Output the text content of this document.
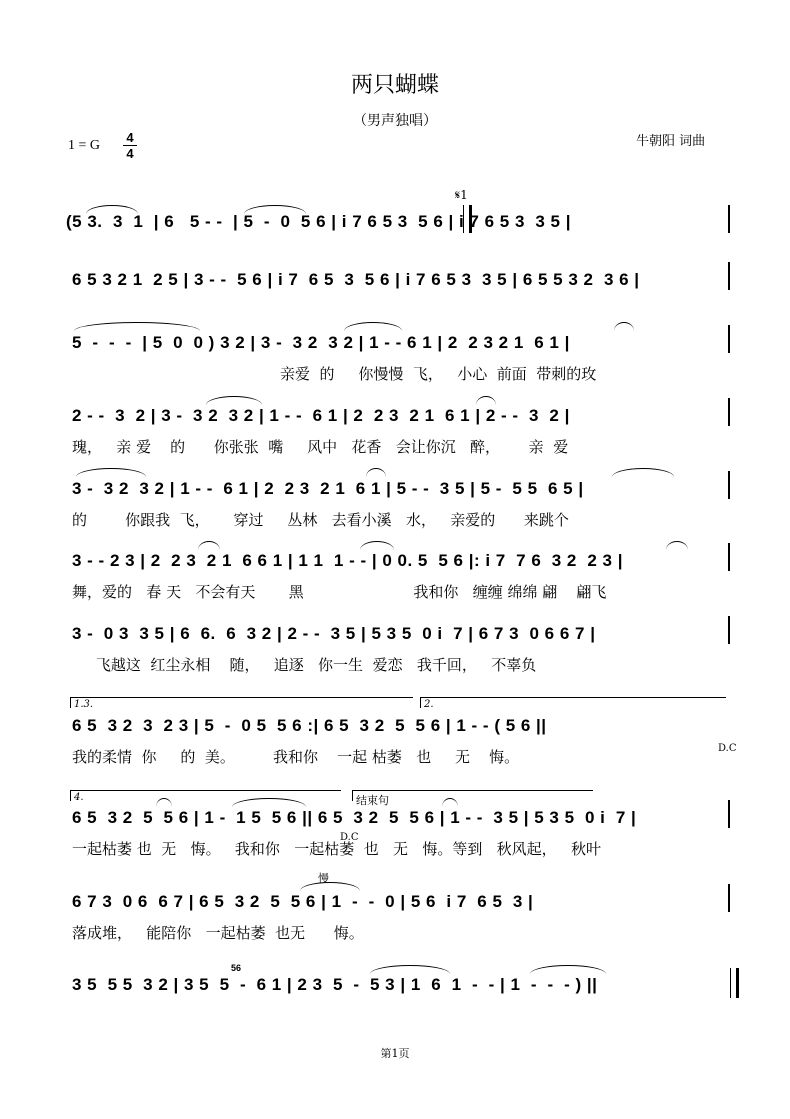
两只蝴蝶
（男声独唱）
1 = G
4
4
牛朝阳 词曲
𝄋1
D.C
D.C
1.3.	2.
4.	结束句
慢
56
(5 3.  3  1  | 6   5 - -  | 5  -  0  5 6 | i 7 6 5 3  5 6 | i 7 6 5 3  3 5 |
6 5 3 2 1  2 5 | 3 - -  5 6 | i 7  6 5  3  5 6 | i 7 6 5 3  3 5 | 6 5 5 3 2  3 6 |
5  -  -  -  | 5  0  0 ) 3 2 | 3 -  3 2  3 2 | 1 - - 6 1 | 2  2 3 2 1  6 1 |
亲爱  的     你慢慢  飞，   小心  前面  带刺的玫
2 - -  3  2 | 3 -  3 2  3 2 | 1 - -  6 1 | 2  2 3  2 1  6 1 | 2 - -  3  2 |
瑰，   亲 爱    的      你张张  嘴     风中   花香   会让你沉   醉，      亲  爱
3 -  3 2  3 2 | 1 - -  6 1 | 2  2 3  2 1  6 1 | 5 - -  3 5 | 5 -  5 5  6 5 |
的        你跟我  飞，     穿过     丛林   去看小溪   水，   亲爱的      来跳个
3 - - 2 3 | 2  2 3  2 1  6 6 1 | 1 1  1 - - | 0 0. 5  5 6 |: i 7  7 6  3 2  2 3 |
舞，爱的   春 天   不会有天       黑                       我和你   缠缠 绵绵 翩    翩飞
3 -  0 3  3 5 | 6  6.  6  3 2 | 2 - -  3 5 | 5 3 5  0 i  7 | 6 7 3  0 6 6 7 |
飞越这  红尘永相    随，   追逐   你一生  爱恋   我千回，   不辜负
6 5  3 2  3  2 3 | 5  -  0 5  5 6 :| 6 5  3 2  5  5 6 | 1 - - ( 5 6 ||
我的柔情  你     的  美。        我和你    一起 枯萎   也     无    悔。
6 5  3 2  5  5 6 | 1 -  1 5  5 6 || 6 5  3 2  5  5 6 | 1 - -  3 5 | 5 3 5  0 i  7 |
一起枯萎 也  无   悔。   我和你   一起枯萎  也   无   悔。等到   秋风起，   秋叶
6 7 3  0 6  6 7 | 6 5  3 2  5  5 6 | 1  -  -  0 | 5 6  i 7  6 5  3 |
落成堆，   能陪你   一起枯萎  也无      悔。
3 5  5 5  3 2 | 3 5  5  -  6 1 | 2 3  5  -  5 3 | 1  6  1  -  - | 1  -  -  - ) ||
第1页
